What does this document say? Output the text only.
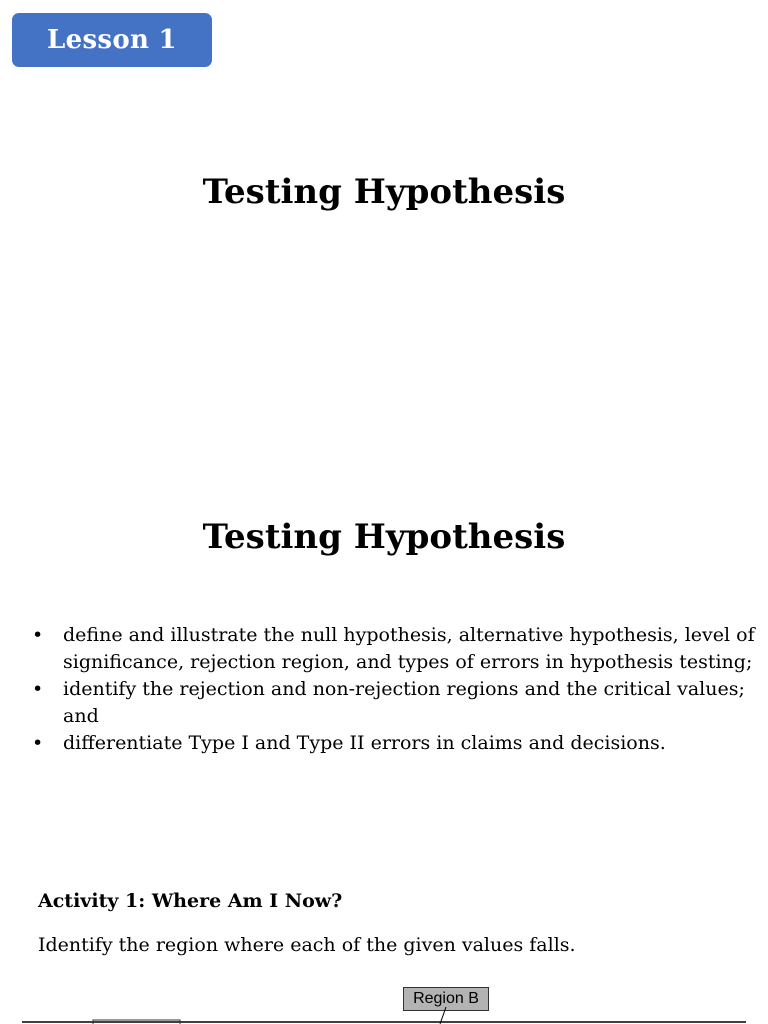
Lesson 1
Testing Hypothesis
Testing Hypothesis
• define and illustrate the null hypothesis, alternative hypothesis, level of significance, rejection region, and types of errors in hypothesis testing;
• identify the rejection and non-rejection regions and the critical values; and
• differentiate Type I and Type II errors in claims and decisions.

Activity 1: Where Am I Now?

Identify the region where each of the given values falls.

Region B
